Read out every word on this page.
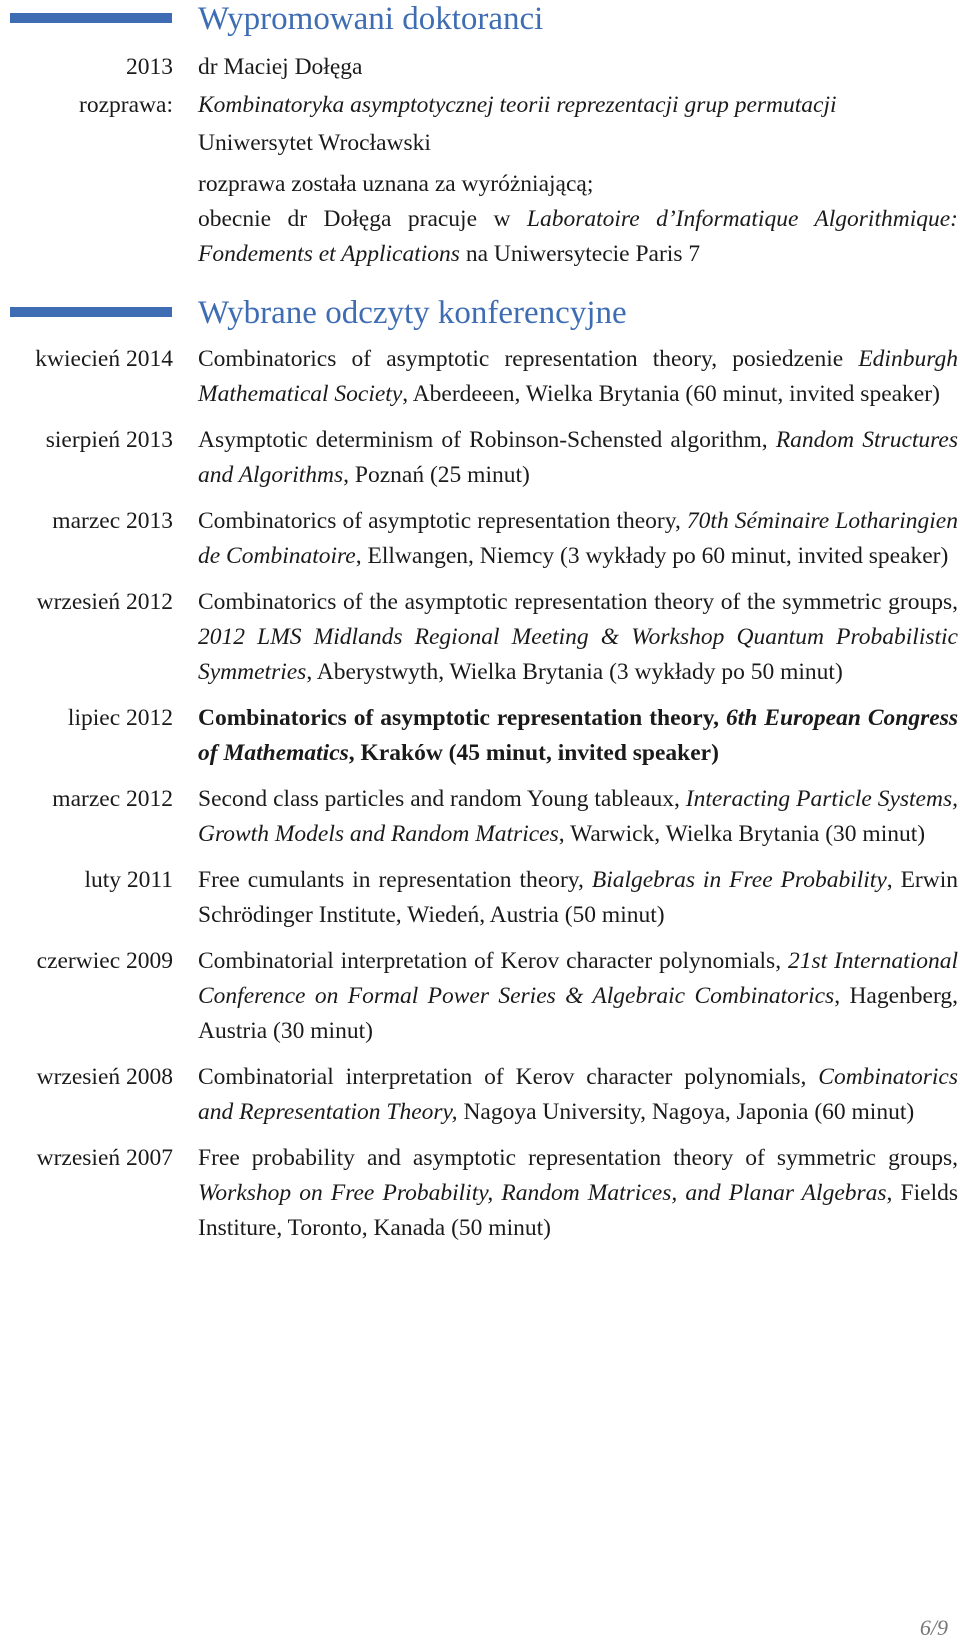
Wypromowani doktoranci
2013 dr Maciej Dołęga
rozprawa: Kombinatoryka asymptotycznej teorii reprezentacji grup permutacji
Uniwersytet Wrocławski
rozprawa została uznana za wyróżniającą;
obecnie dr Dołęga pracuje w Laboratoire d’Informatique Algorithmique: Fondements et Applications na Uniwersytecie Paris 7
Wybrane odczyty konferencyjne
kwiecień 2014 Combinatorics of asymptotic representation theory, posiedzenie Edinburgh Mathematical Society, Aberdeeen, Wielka Brytania (60 minut, invited speaker)
sierpień 2013 Asymptotic determinism of Robinson-Schensted algorithm, Random Structures and Algorithms, Poznań (25 minut)
marzec 2013 Combinatorics of asymptotic representation theory, 70th Séminaire Lotharingien de Combinatoire, Ellwangen, Niemcy (3 wykłady po 60 minut, invited speaker)
wrzesień 2012 Combinatorics of the asymptotic representation theory of the symmetric groups, 2012 LMS Midlands Regional Meeting & Workshop Quantum Probabilistic Symmetries, Aberystwyth, Wielka Brytania (3 wykłady po 50 minut)
lipiec 2012 Combinatorics of asymptotic representation theory, 6th European Congress of Mathematics, Kraków (45 minut, invited speaker)
marzec 2012 Second class particles and random Young tableaux, Interacting Particle Systems, Growth Models and Random Matrices, Warwick, Wielka Brytania (30 minut)
luty 2011 Free cumulants in representation theory, Bialgebras in Free Probability, Erwin Schrödinger Institute, Wiedeń, Austria (50 minut)
czerwiec 2009 Combinatorial interpretation of Kerov character polynomials, 21st International Conference on Formal Power Series & Algebraic Combinatorics, Hagenberg, Austria (30 minut)
wrzesień 2008 Combinatorial interpretation of Kerov character polynomials, Combinatorics and Representation Theory, Nagoya University, Nagoya, Japonia (60 minut)
wrzesień 2007 Free probability and asymptotic representation theory of symmetric groups, Workshop on Free Probability, Random Matrices, and Planar Algebras, Fields Institure, Toronto, Kanada (50 minut)
6/9
